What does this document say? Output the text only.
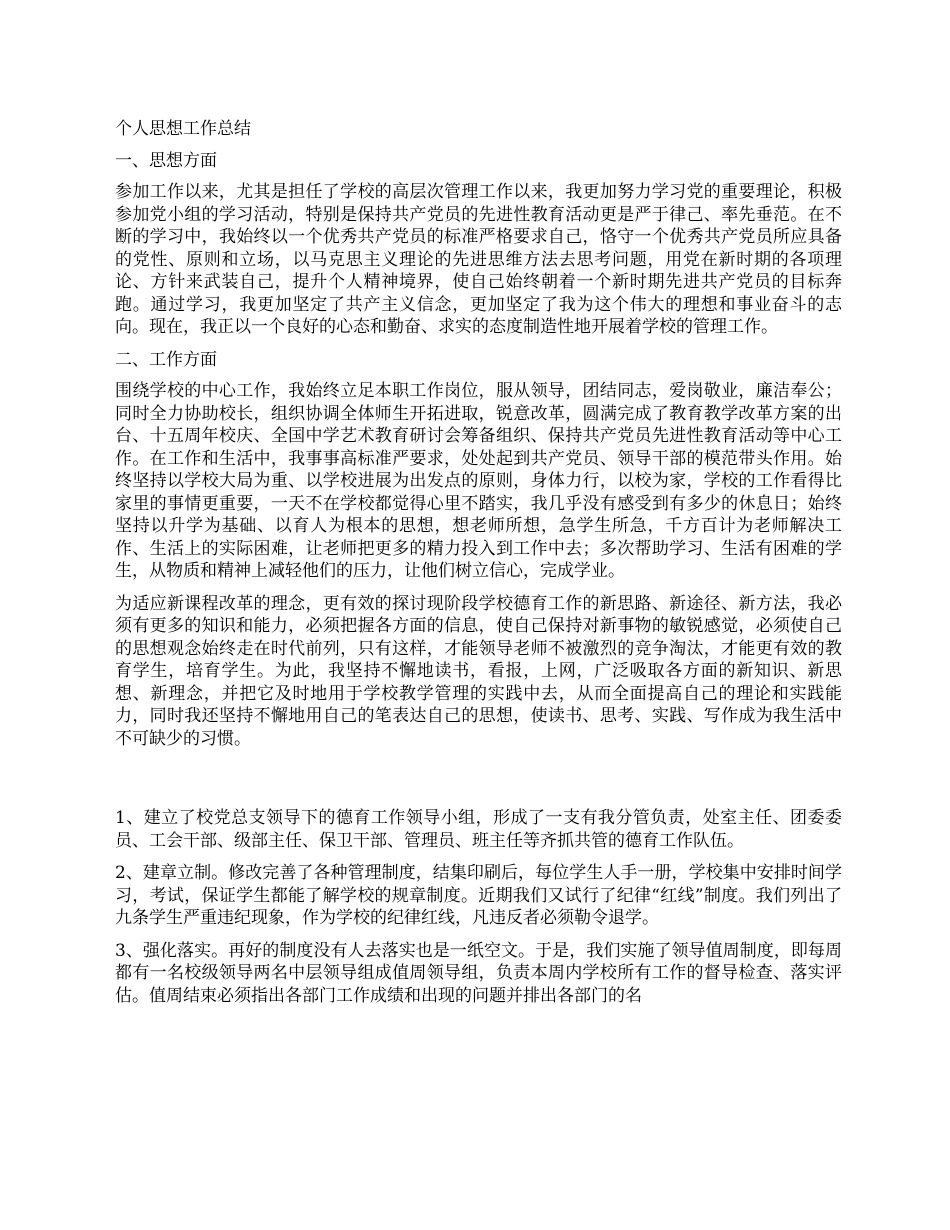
个人思想工作总结

一、思想方面

参加工作以来，尤其是担任了学校的高层次管理工作以来，我更加努力学习党的重要理论，积极参加党小组的学习活动，特别是保持共产党员的先进性教育活动更是严于律己、率先垂范。在不断的学习中，我始终以一个优秀共产党员的标准严格要求自己，恪守一个优秀共产党员所应具备的党性、原则和立场，以马克思主义理论的先进思维方法去思考问题，用党在新时期的各项理论、方针来武装自己，提升个人精神境界，使自己始终朝着一个新时期先进共产党员的目标奔跑。通过学习，我更加坚定了共产主义信念，更加坚定了我为这个伟大的理想和事业奋斗的志向。现在，我正以一个良好的心态和勤奋、求实的态度制造性地开展着学校的管理工作。

二、工作方面

围绕学校的中心工作，我始终立足本职工作岗位，服从领导，团结同志，爱岗敬业，廉洁奉公；同时全力协助校长，组织协调全体师生开拓进取，锐意改革，圆满完成了教育教学改革方案的出台、十五周年校庆、全国中学艺术教育研讨会筹备组织、保持共产党员先进性教育活动等中心工作。在工作和生活中，我事事高标准严要求，处处起到共产党员、领导干部的模范带头作用。始终坚持以学校大局为重、以学校进展为出发点的原则，身体力行，以校为家，学校的工作看得比家里的事情更重要，一天不在学校都觉得心里不踏实，我几乎没有感受到有多少的休息日；始终坚持以升学为基础、以育人为根本的思想，想老师所想，急学生所急，千方百计为老师解决工作、生活上的实际困难，让老师把更多的精力投入到工作中去；多次帮助学习、生活有困难的学生，从物质和精神上减轻他们的压力，让他们树立信心，完成学业。

为适应新课程改革的理念，更有效的探讨现阶段学校德育工作的新思路、新途径、新方法，我必须有更多的知识和能力，必须把握各方面的信息，使自己保持对新事物的敏锐感觉，必须使自己的思想观念始终走在时代前列，只有这样，才能领导老师不被激烈的竞争淘汰，才能更有效的教育学生，培育学生。为此，我坚持不懈地读书，看报，上网，广泛吸取各方面的新知识、新思想、新理念，并把它及时地用于学校教学管理的实践中去，从而全面提高自己的理论和实践能力，同时我还坚持不懈地用自己的笔表达自己的思想，使读书、思考、实践、写作成为我生活中不可缺少的习惯。

1、建立了校党总支领导下的德育工作领导小组，形成了一支有我分管负责，处室主任、团委委员、工会干部、级部主任、保卫干部、管理员、班主任等齐抓共管的德育工作队伍。

2、建章立制。修改完善了各种管理制度，结集印刷后，每位学生人手一册，学校集中安排时间学习，考试，保证学生都能了解学校的规章制度。近期我们又试行了纪律“红线”制度。我们列出了九条学生严重违纪现象，作为学校的纪律红线，凡违反者必须勒令退学。

3、强化落实。再好的制度没有人去落实也是一纸空文。于是，我们实施了领导值周制度，即每周都有一名校级领导两名中层领导组成值周领导组，负责本周内学校所有工作的督导检查、落实评估。值周结束必须指出各部门工作成绩和出现的问题并排出各部门的名
